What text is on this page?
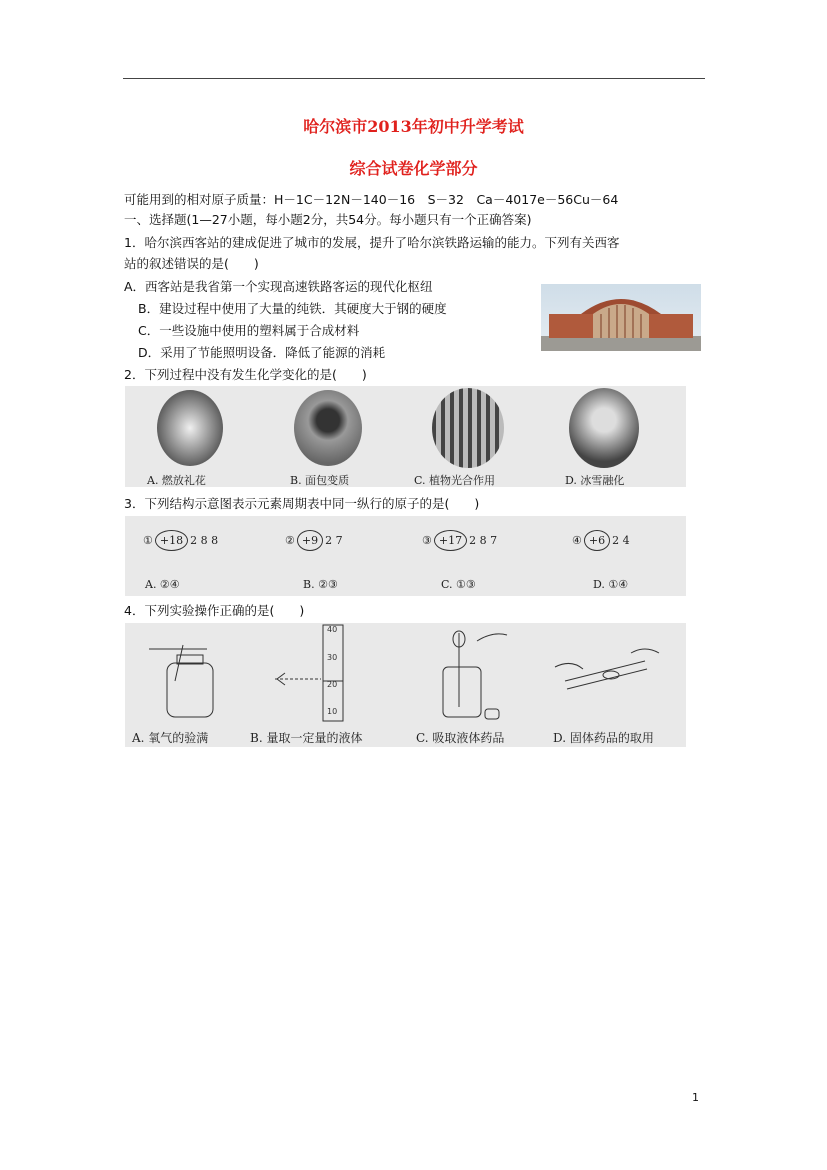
哈尔滨市2013年初中升学考试
综合试卷化学部分
可能用到的相对原子质量：H－1C－12N－140－16　S－32　Ca－4017e－56Cu－64
一、选择题(1—27小题，每小题2分，共54分。每小题只有一个正确答案)
1．哈尔滨西客站的建成促进了城市的发展，提升了哈尔滨铁路运输的能力。下列有关西客
站的叙述错误的是(　　)
A．西客站是我省第一个实现高速铁路客运的现代化枢纽
B．建设过程中使用了大量的纯铁．其硬度大于钢的硬度
C．一些设施中使用的塑料属于合成材料
D．采用了节能照明设备．降低了能源的消耗
2．下列过程中没有发生化学变化的是(　　)
A. 燃放礼花	B. 面包变质	C. 植物光合作用	D. 冰雪融化
3．下列结构示意图表示元素周期表中同一纵行的原子的是(　　)
① +18 2 8 8	② +9 2 7	③ +17 2 8 7	④ +6 2 4
A. ②④	B. ②③	C. ①③	D. ①④
4．下列实验操作正确的是(　　)
40
30
20
10
A. 氧气的验满	B. 量取一定量的液体	C. 吸取液体药品	D. 固体药品的取用
1
